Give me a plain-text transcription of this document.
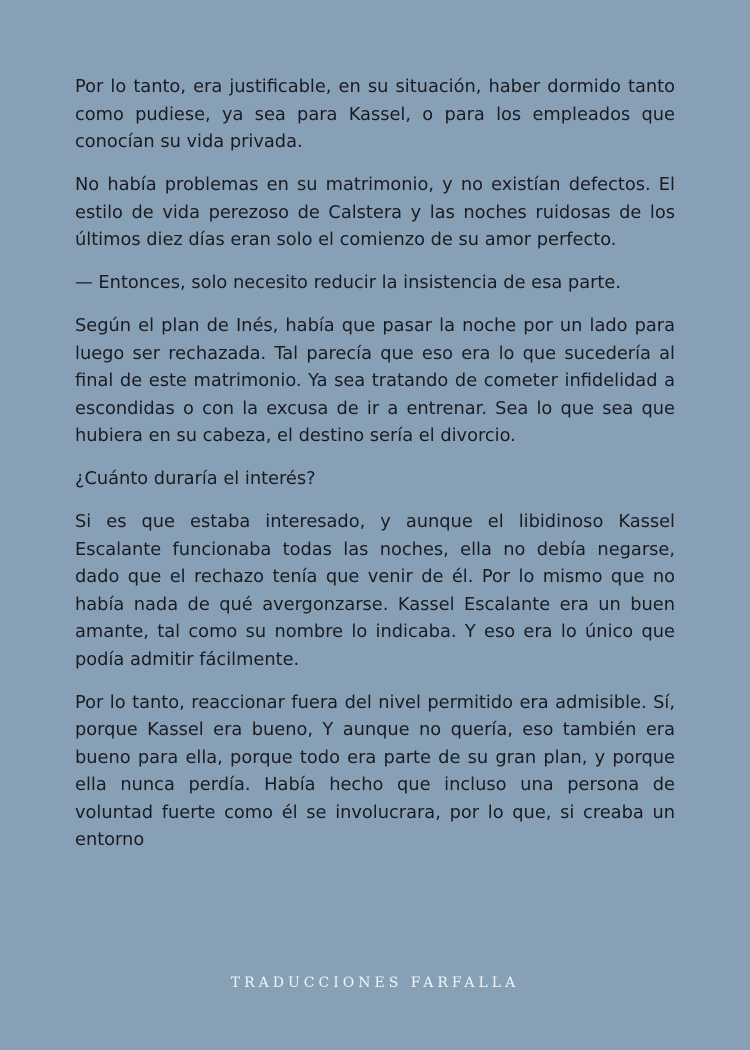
Por lo tanto, era justificable, en su situación, haber dormido tanto como pudiese, ya sea para Kassel, o para los empleados que conocían su vida privada.

No había problemas en su matrimonio, y no existían defectos. El estilo de vida perezoso de Calstera y las noches ruidosas de los últimos diez días eran solo el comienzo de su amor perfecto.

— Entonces, solo necesito reducir la insistencia de esa parte.

Según el plan de Inés, había que pasar la noche por un lado para luego ser rechazada. Tal parecía que eso era lo que sucedería al final de este matrimonio. Ya sea tratando de cometer infidelidad a escondidas o con la excusa de ir a entrenar. Sea lo que sea que hubiera en su cabeza, el destino sería el divorcio.

¿Cuánto duraría el interés?

Si es que estaba interesado, y aunque el libidinoso Kassel Escalante funcionaba todas las noches, ella no debía negarse, dado que el rechazo tenía que venir de él. Por lo mismo que no había nada de qué avergonzarse. Kassel Escalante era un buen amante, tal como su nombre lo indicaba. Y eso era lo único que podía admitir fácilmente.

Por lo tanto, reaccionar fuera del nivel permitido era admisible. Sí, porque Kassel era bueno, Y aunque no quería, eso también era bueno para ella, porque todo era parte de su gran plan, y porque ella nunca perdía. Había hecho que incluso una persona de voluntad fuerte como él se involucrara, por lo que, si creaba un entorno

TRADUCCIONES FARFALLA
